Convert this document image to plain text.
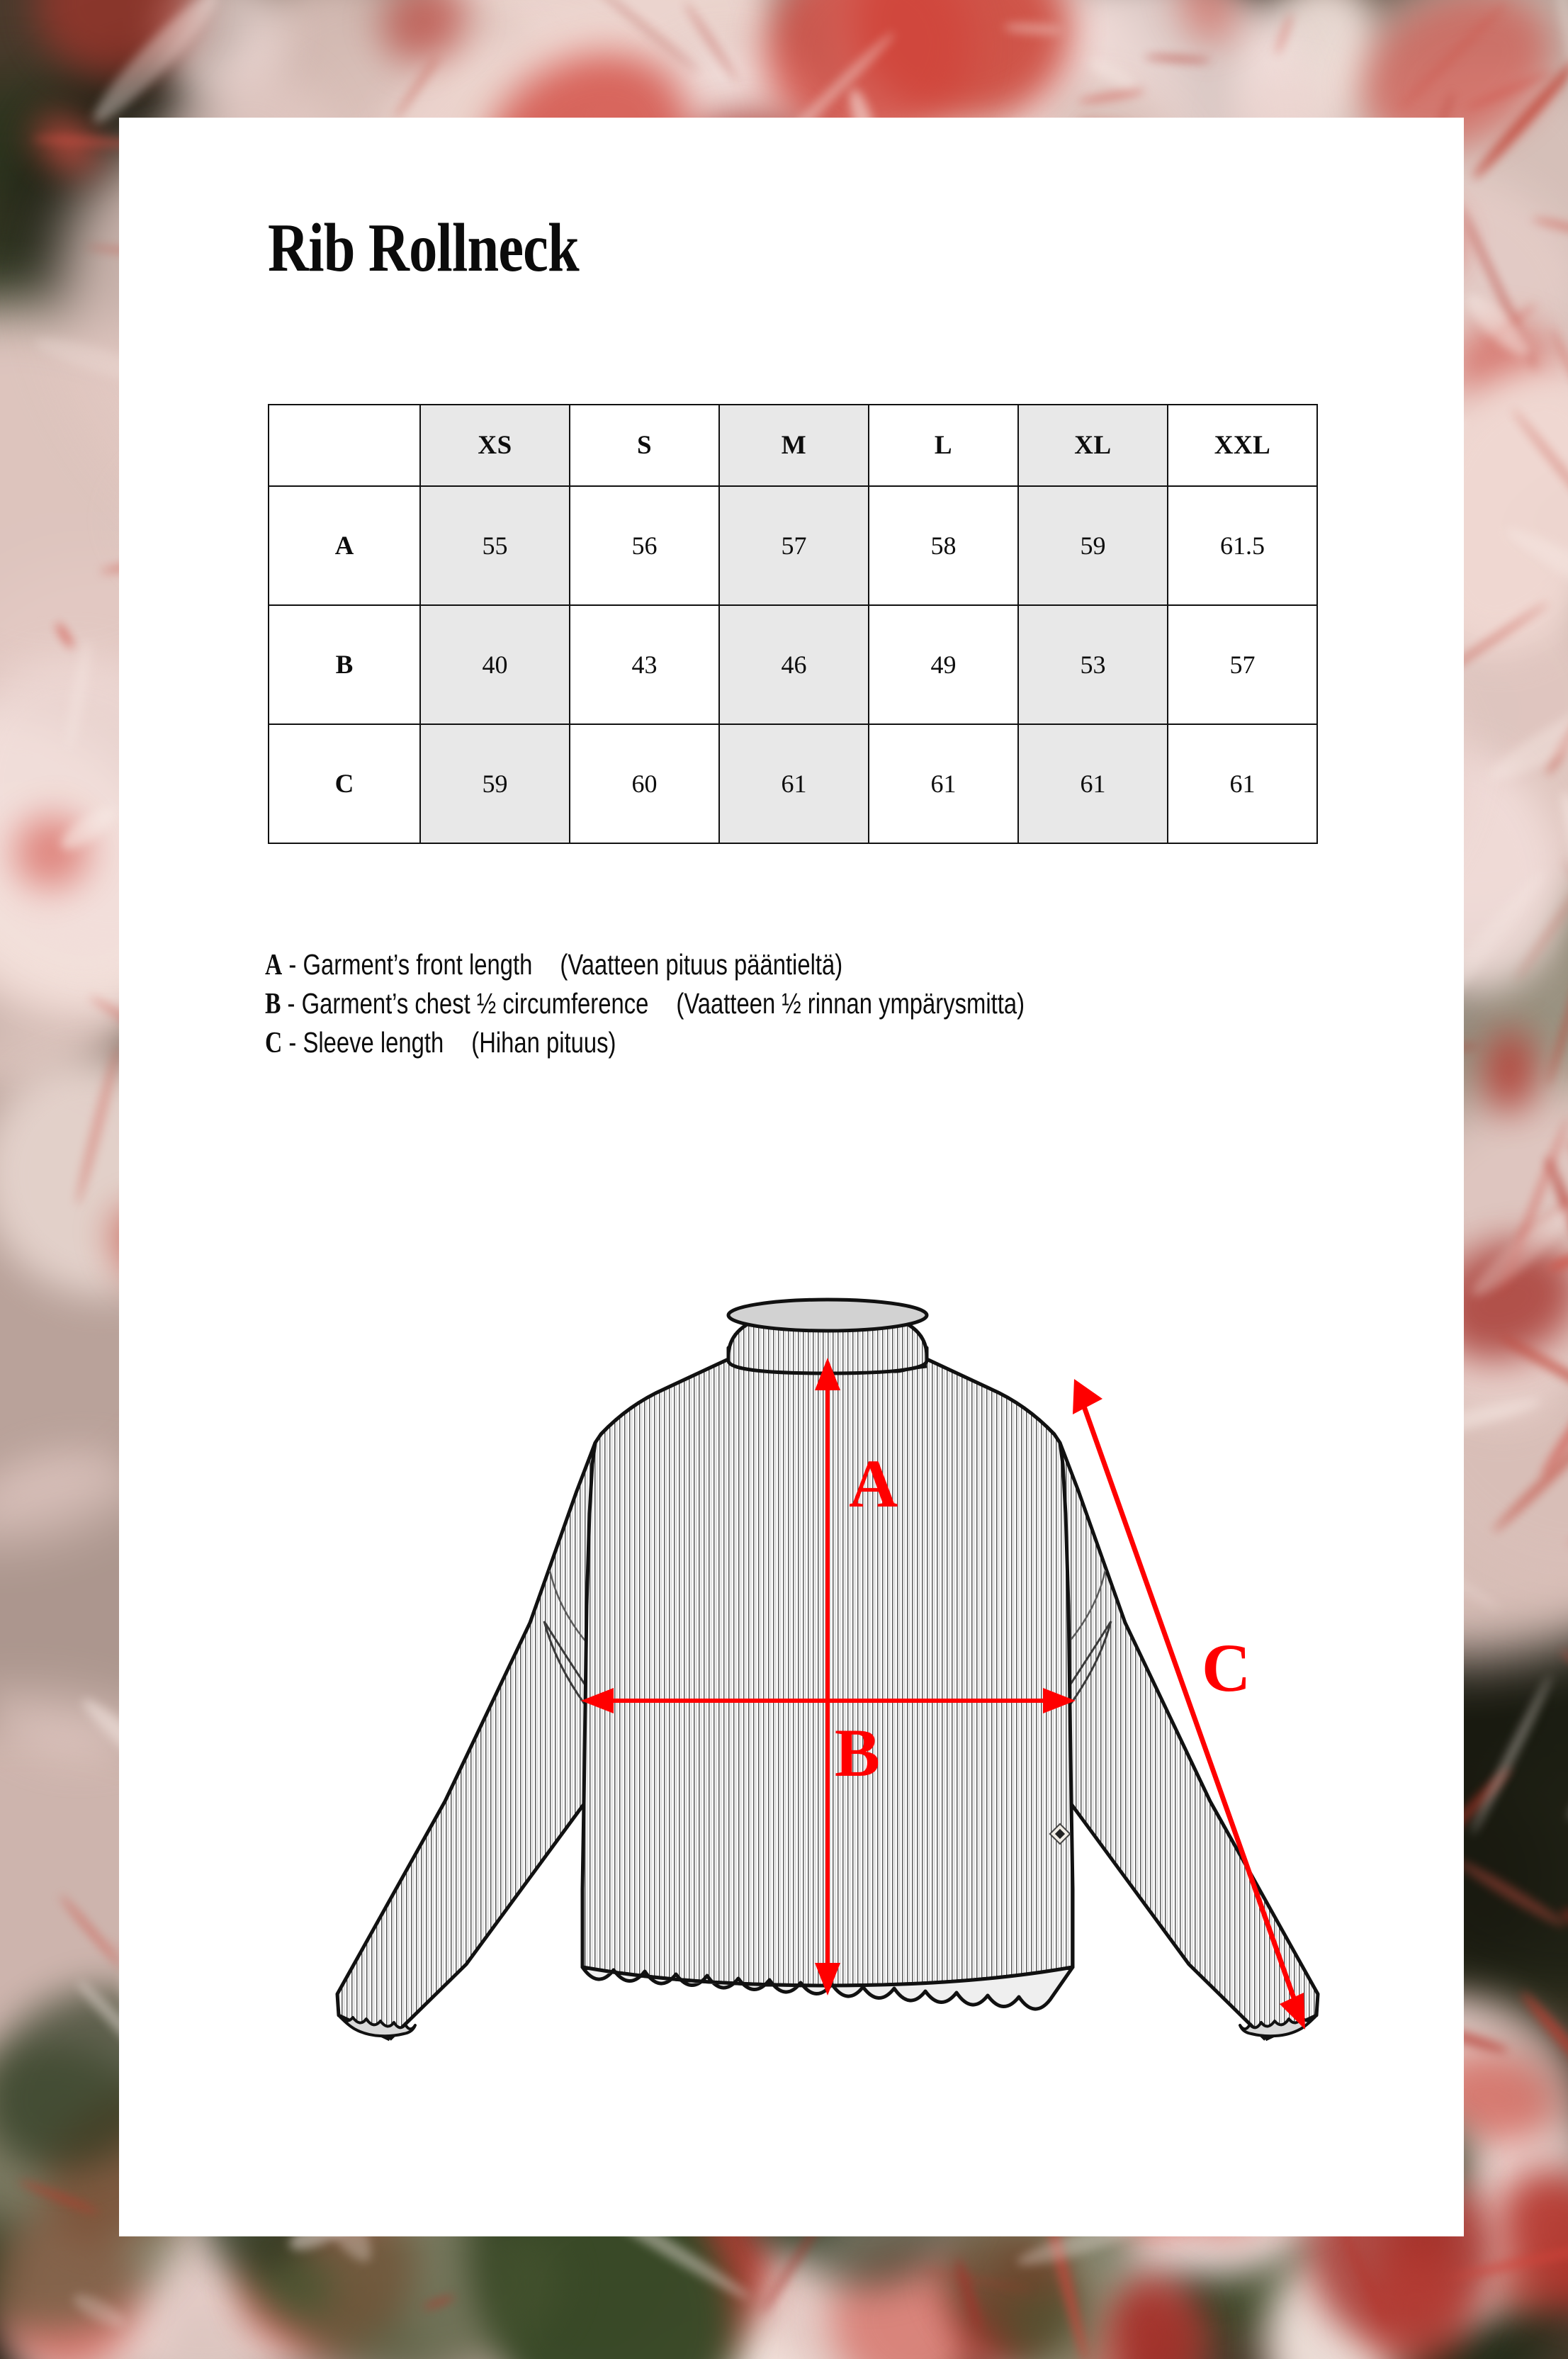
Rib Rollneck
	XS	S	M	L	XL	XXL
A	55	56	57	58	59	61.5
B	40	43	46	49	53	57
C	59	60	61	61	61	61
A - Garment’s front length (Vaatteen pituus pääntieltä)
B - Garment’s chest ½ circumference (Vaatteen ½ rinnan ympärysmitta)
C - Sleeve length (Hihan pituus)
A
B
C
